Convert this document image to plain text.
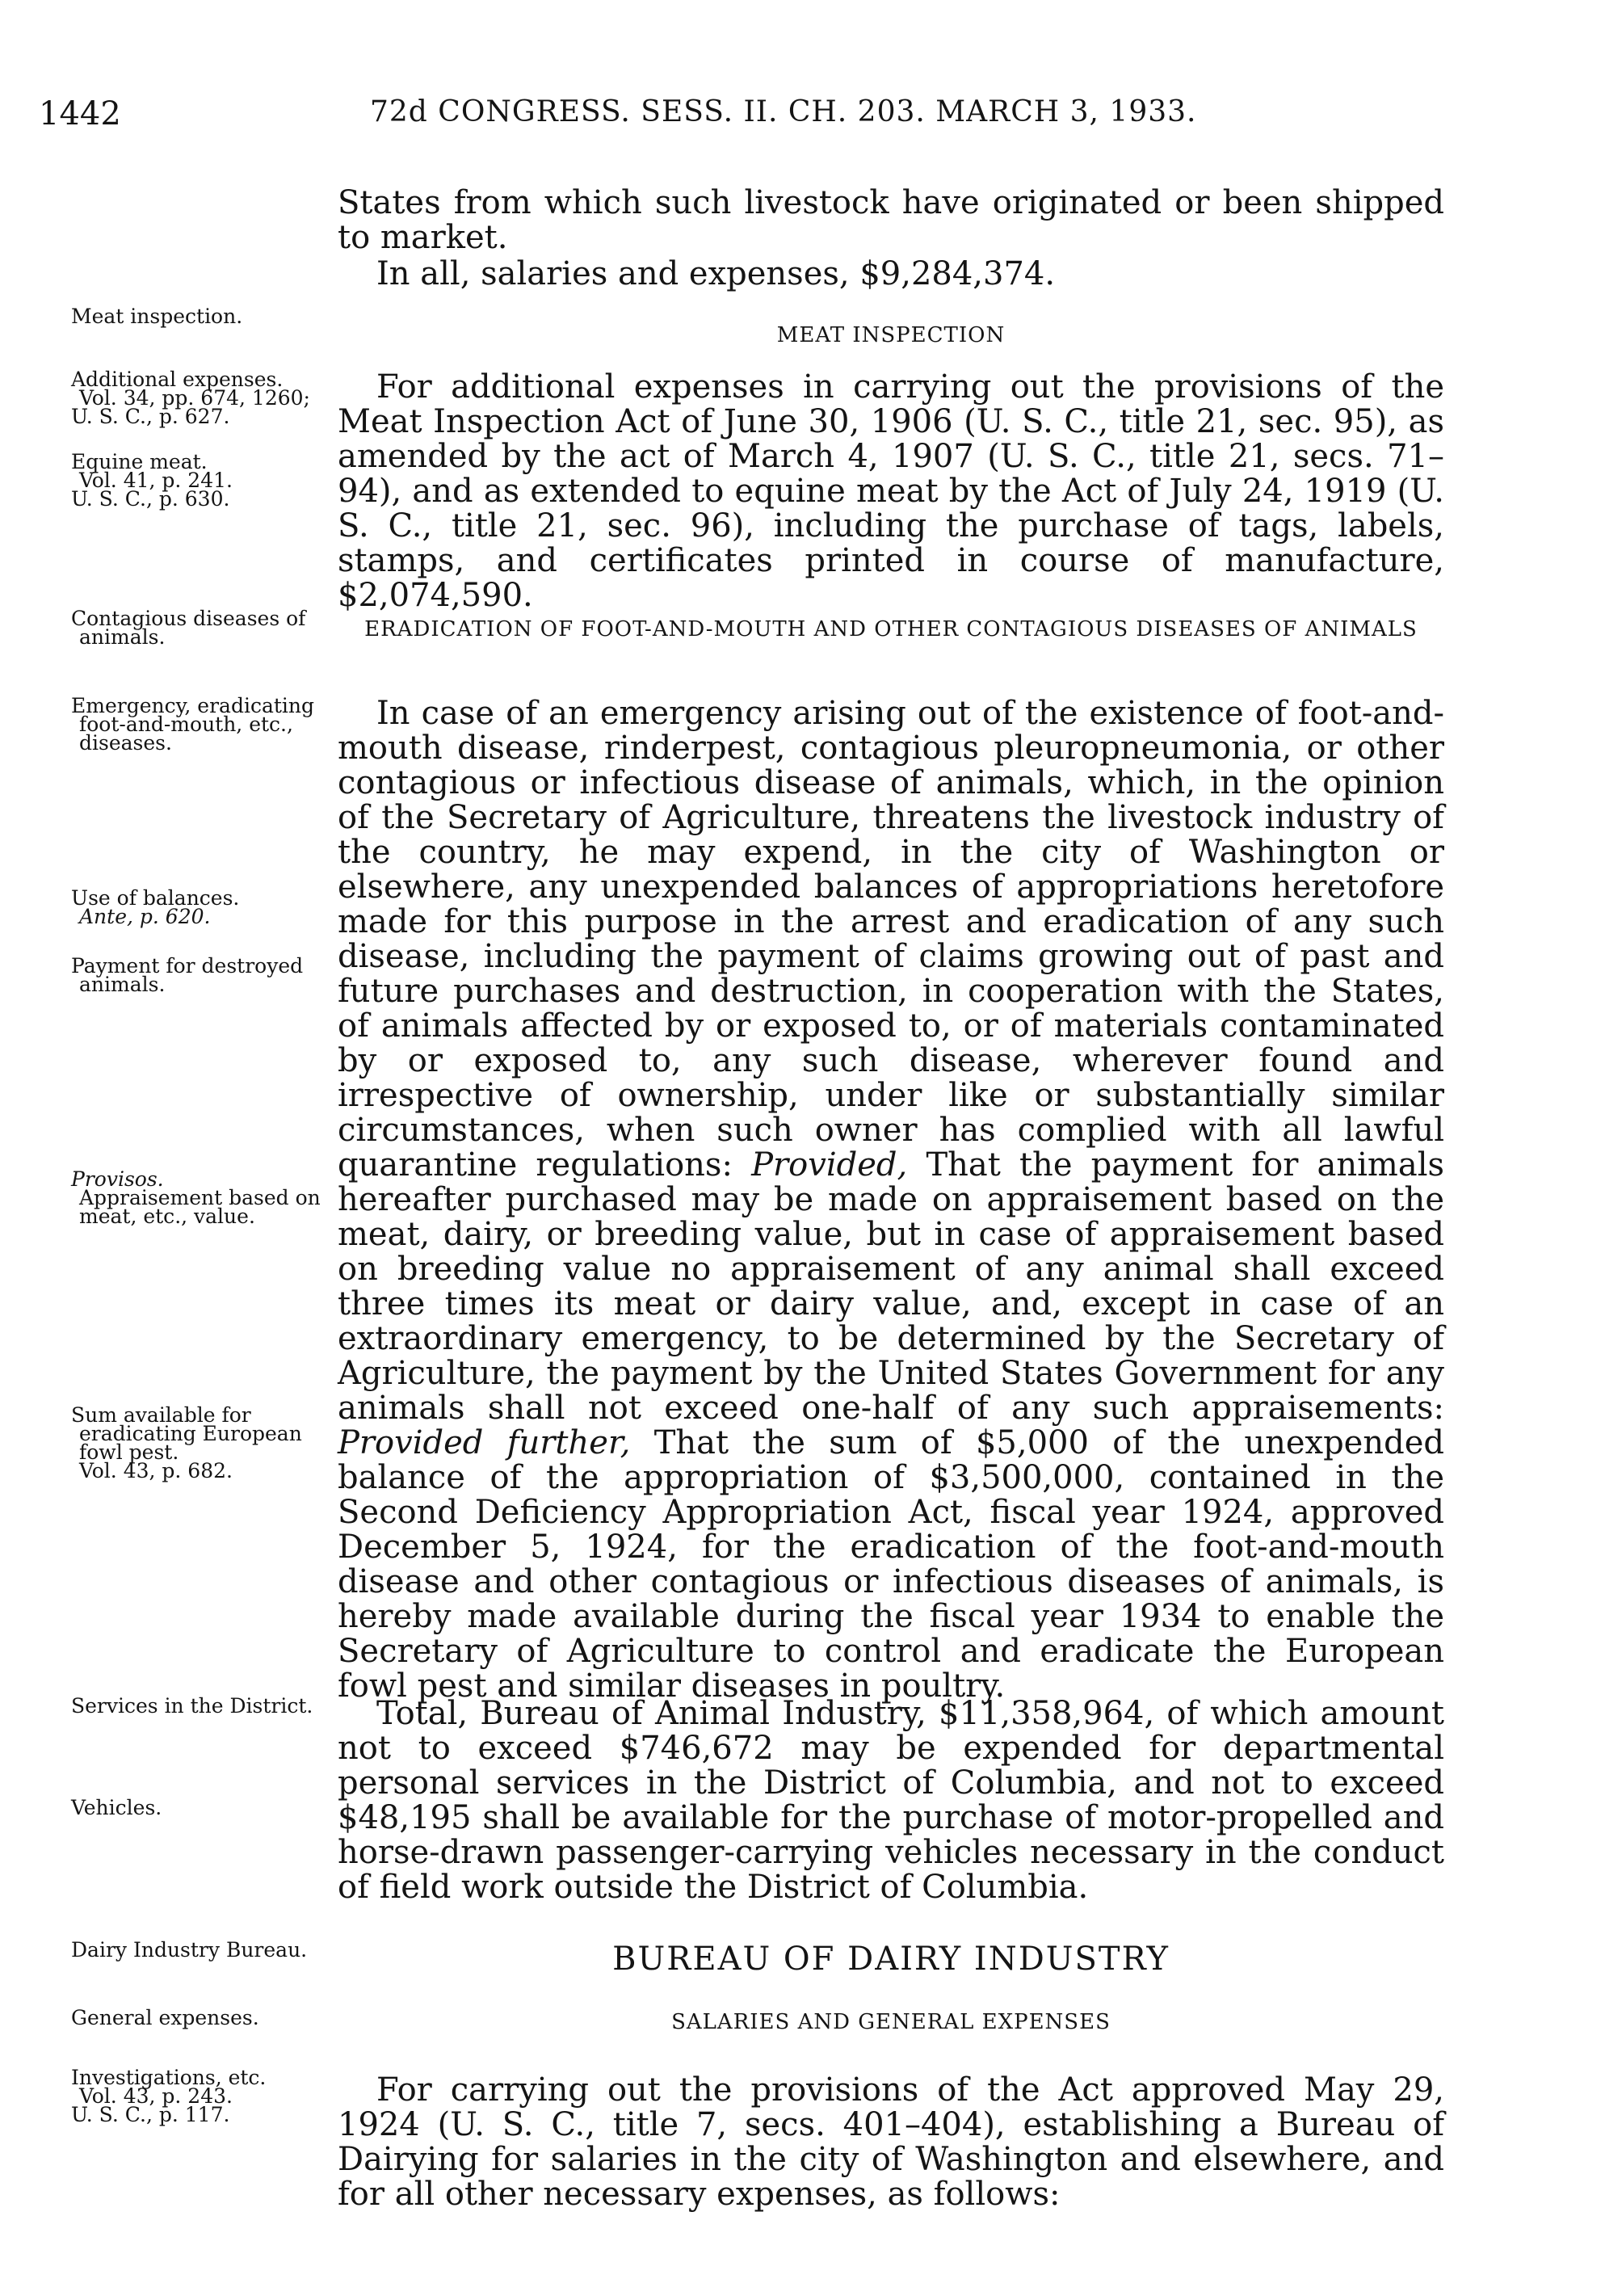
1442	72d CONGRESS. SESS. II. CH. 203. MARCH 3, 1933.

States from which such livestock have originated or been shipped to market.

In all, salaries and expenses, $9,284,374.

MEAT INSPECTION

For additional expenses in carrying out the provisions of the Meat Inspection Act of June 30, 1906 (U. S. C., title 21, sec. 95), as amended by the act of March 4, 1907 (U. S. C., title 21, secs. 71–94), and as extended to equine meat by the Act of July 24, 1919 (U. S. C., title 21, sec. 96), including the purchase of tags, labels, stamps, and certificates printed in course of manufacture, $2,074,590.

ERADICATION OF FOOT-AND-MOUTH AND OTHER CONTAGIOUS DISEASES OF ANIMALS

In case of an emergency arising out of the existence of foot-and-mouth disease, rinderpest, contagious pleuropneumonia, or other contagious or infectious disease of animals, which, in the opinion of the Secretary of Agriculture, threatens the livestock industry of the country, he may expend, in the city of Washington or elsewhere, any unexpended balances of appropriations heretofore made for this purpose in the arrest and eradication of any such disease, including the payment of claims growing out of past and future purchases and destruction, in cooperation with the States, of animals affected by or exposed to, or of materials contaminated by or exposed to, any such disease, wherever found and irrespective of ownership, under like or substantially similar circumstances, when such owner has complied with all lawful quarantine regulations: Provided, That the payment for animals hereafter purchased may be made on appraisement based on the meat, dairy, or breeding value, but in case of appraisement based on breeding value no appraisement of any animal shall exceed three times its meat or dairy value, and, except in case of an extraordinary emergency, to be determined by the Secretary of Agriculture, the payment by the United States Government for any animals shall not exceed one-half of any such appraisements: Provided further, That the sum of $5,000 of the unexpended balance of the appropriation of $3,500,000, contained in the Second Deficiency Appropriation Act, fiscal year 1924, approved December 5, 1924, for the eradication of the foot-and-mouth disease and other contagious or infectious diseases of animals, is hereby made available during the fiscal year 1934 to enable the Secretary of Agriculture to control and eradicate the European fowl pest and similar diseases in poultry.

Total, Bureau of Animal Industry, $11,358,964, of which amount not to exceed $746,672 may be expended for departmental personal services in the District of Columbia, and not to exceed $48,195 shall be available for the purchase of motor-propelled and horse-drawn passenger-carrying vehicles necessary in the conduct of field work outside the District of Columbia.

BUREAU OF DAIRY INDUSTRY
SALARIES AND GENERAL EXPENSES

For carrying out the provisions of the Act approved May 29, 1924 (U. S. C., title 7, secs. 401–404), establishing a Bureau of Dairying for salaries in the city of Washington and elsewhere, and for all other necessary expenses, as follows:

Meat inspection.
Additional expenses.
Vol. 34, pp. 674, 1260;
U. S. C., p. 627.
Equine meat.
Vol. 41, p. 241.
U. S. C., p. 630.
Contagious diseases of animals.
Emergency, eradicating foot-and-mouth, etc., diseases.
Use of balances.
Ante, p. 620.
Payment for destroyed animals.
Provisos.
Appraisement based on meat, etc., value.
Sum available for eradicating European fowl pest.
Vol. 43, p. 682.
Services in the District.
Vehicles.
Dairy Industry Bureau.
General expenses.
Investigations, etc.
Vol. 43, p. 243.
U. S. C., p. 117.
